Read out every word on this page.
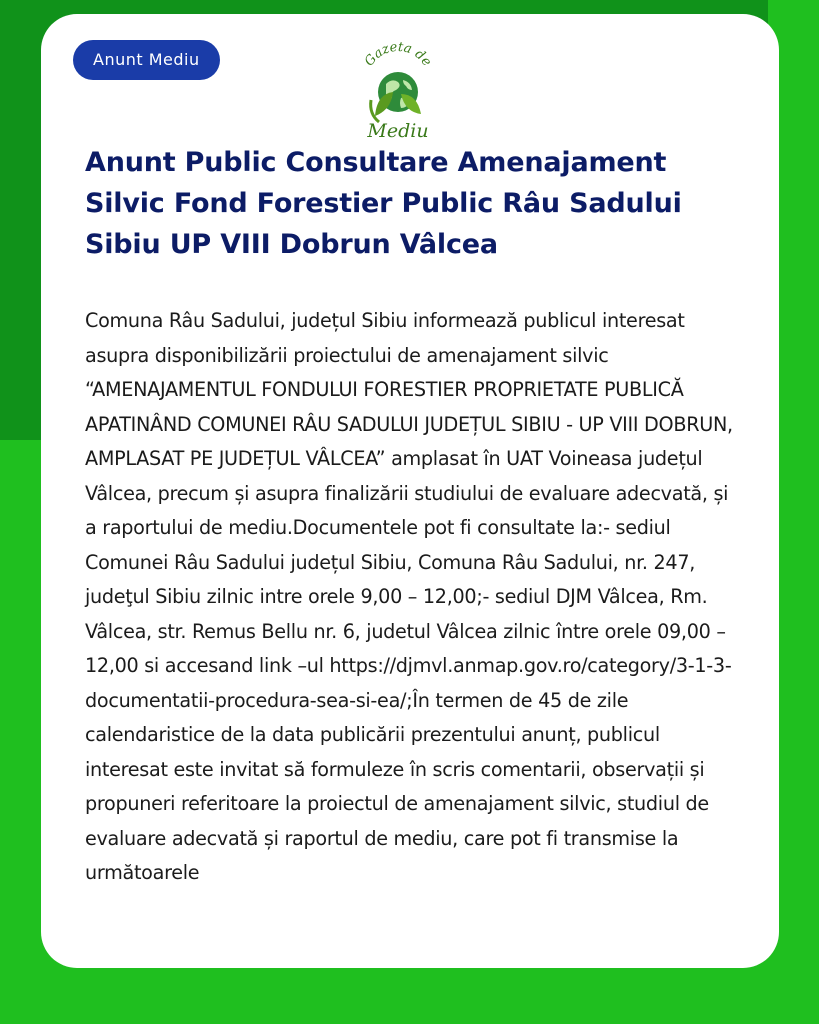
Anunt Mediu	Gazeta de
Mediu
Anunt Public Consultare Amenajament Silvic Fond Forestier Public Râu Sadului Sibiu UP VIII Dobrun Vâlcea

Comuna Râu Sadului, județul Sibiu informează publicul interesat asupra disponibilizării proiectului de amenajament silvic “AMENAJAMENTUL FONDULUI FORESTIER PROPRIETATE PUBLICĂ APATINÂND COMUNEI RÂU SADULUI JUDEȚUL SIBIU - UP VIII DOBRUN, AMPLASAT PE JUDEȚUL VÂLCEA” amplasat în UAT Voineasa județul Vâlcea, precum și asupra finalizării studiului de evaluare adecvată, și a raportului de mediu.Documentele pot fi consultate la:- sediul Comunei Râu Sadului județul Sibiu, Comuna Râu Sadului, nr. 247, judeţul Sibiu zilnic intre orele 9,00 – 12,00;- sediul DJM Vâlcea, Rm. Vâlcea, str. Remus Bellu nr. 6, judetul Vâlcea zilnic între orele 09,00 – 12,00 si accesand link –ul https://djmvl.anmap.gov.ro/category/3-1-3-documentatii-procedura-sea-si-ea/;În termen de 45 de zile calendaristice de la data publicării prezentului anunț, publicul interesat este invitat să formuleze în scris comentarii, observații și propuneri referitoare la proiectul de amenajament silvic, studiul de evaluare adecvată și raportul de mediu, care pot fi transmise la următoarele
